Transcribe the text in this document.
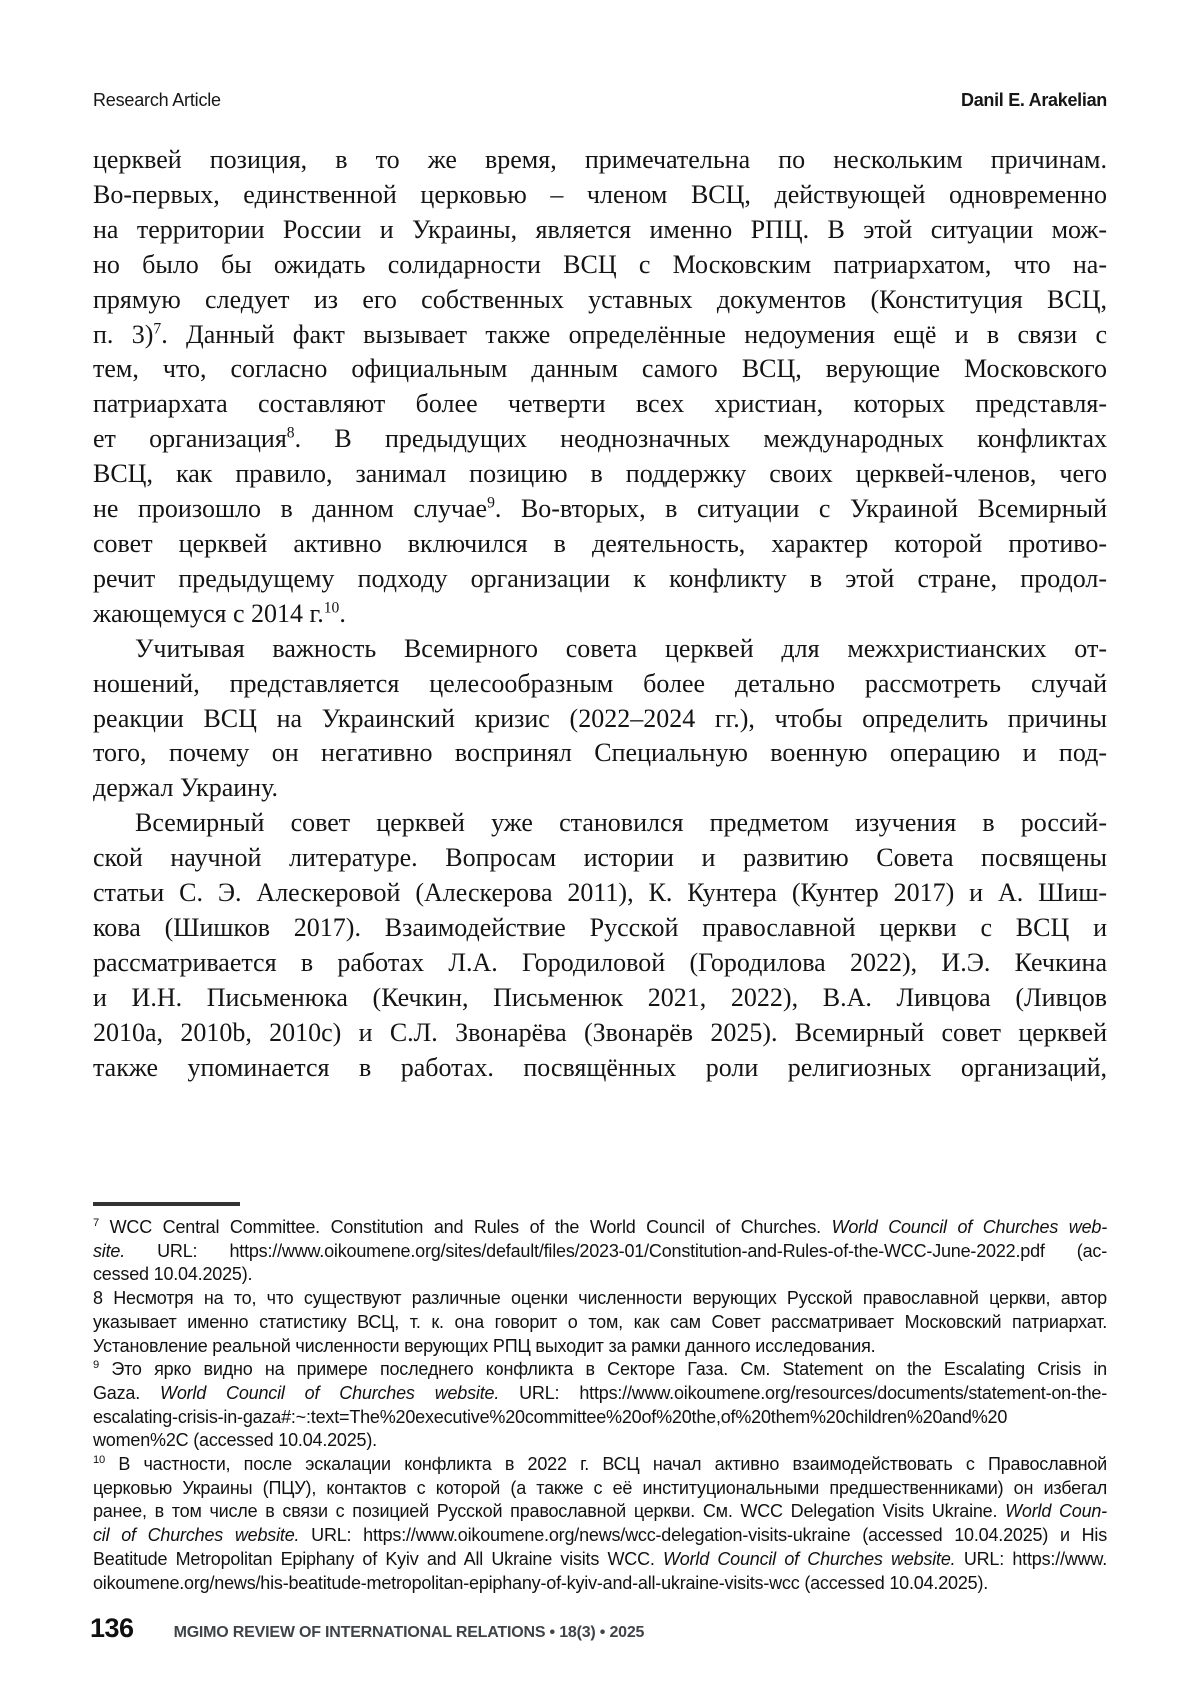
Research Article	Danil E. Arakelian
церквей позиция, в то же время, примечательна по нескольким причинам.
Во-первых, единственной церковью – членом ВСЦ, действующей одновременно
на территории России и Украины, является именно РПЦ. В этой ситуации мож-
но было бы ожидать солидарности ВСЦ с Московским патриархатом, что на-
прямую следует из его собственных уставных документов (Конституция ВСЦ,
п. 3)$^7$. Данный факт вызывает также определённые недоумения ещё и в связи с
тем, что, согласно официальным данным самого ВСЦ, верующие Московского
патриархата составляют более четверти всех христиан, которых представля-
ет организация$^8$. В предыдущих неоднозначных международных конфликтах
ВСЦ, как правило, занимал позицию в поддержку своих церквей-членов, чего
не произошло в данном случае$^9$. Во-вторых, в ситуации с Украиной Всемирный
совет церквей активно включился в деятельность, характер которой противо-
речит предыдущему подходу организации к конфликту в этой стране, продол-
жающемуся с 2014 г.$^{10}$.
Учитывая важность Всемирного совета церквей для межхристианских от-
ношений, представляется целесообразным более детально рассмотреть случай
реакции ВСЦ на Украинский кризис (2022–2024 гг.), чтобы определить причины
того, почему он негативно воспринял Специальную военную операцию и под-
держал Украину.
Всемирный совет церквей уже становился предметом изучения в россий-
ской научной литературе. Вопросам истории и развитию Совета посвящены
статьи С. Э. Алескеровой (Алескерова 2011), К. Кунтера (Кунтер 2017) и А. Шиш-
кова (Шишков 2017). Взаимодействие Русской православной церкви с ВСЦ и
рассматривается в работах Л.А. Городиловой (Городилова 2022), И.Э. Кечкина
и И.Н. Письменюка (Кечкин, Письменюк 2021, 2022), В.А. Ливцова (Ливцов
2010a, 2010b, 2010c) и С.Л. Звонарёва (Звонарёв 2025). Всемирный совет церквей
также упоминается в работах. посвящённых роли религиозных организаций,
$^7$ WCC Central Committee. Constitution and Rules of the World Council of Churches. World Council of Churches web-
site. URL: https://www.oikoumene.org/sites/default/files/2023-01/Constitution-and-Rules-of-the-WCC-June-2022.pdf (ac-
cessed 10.04.2025).
8 Несмотря на то, что существуют различные оценки численности верующих Русской православной церкви, автор
указывает именно статистику ВСЦ, т. к. она говорит о том, как сам Совет рассматривает Московский патриархат.
Установление реальной численности верующих РПЦ выходит за рамки данного исследования.
$^9$ Это ярко видно на примере последнего конфликта в Секторе Газа. См. Statement on the Escalating Crisis in
Gaza. World Council of Churches website. URL: https://www.oikoumene.org/resources/documents/statement-on-the-
escalating-crisis-in-gaza#:~:text=The%20executive%20committee%20of%20the,of%20them%20children%20and%20
women%2C (accessed 10.04.2025).
$^{10}$ В частности, после эскалации конфликта в 2022 г. ВСЦ начал активно взаимодействовать с Православной
церковью Украины (ПЦУ), контактов с которой (а также с её институциональными предшественниками) он избегал
ранее, в том числе в связи с позицией Русской православной церкви. См. WCC Delegation Visits Ukraine. World Coun-
cil of Churches website. URL: https://www.oikoumene.org/news/wcc-delegation-visits-ukraine (accessed 10.04.2025) и His
Beatitude Metropolitan Epiphany of Kyiv and All Ukraine visits WCC. World Council of Churches website. URL: https://www.
oikoumene.org/news/his-beatitude-metropolitan-epiphany-of-kyiv-and-all-ukraine-visits-wcc (accessed 10.04.2025).
136	MGIMO REVIEW OF INTERNATIONAL RELATIONS • 18(3) • 2025
